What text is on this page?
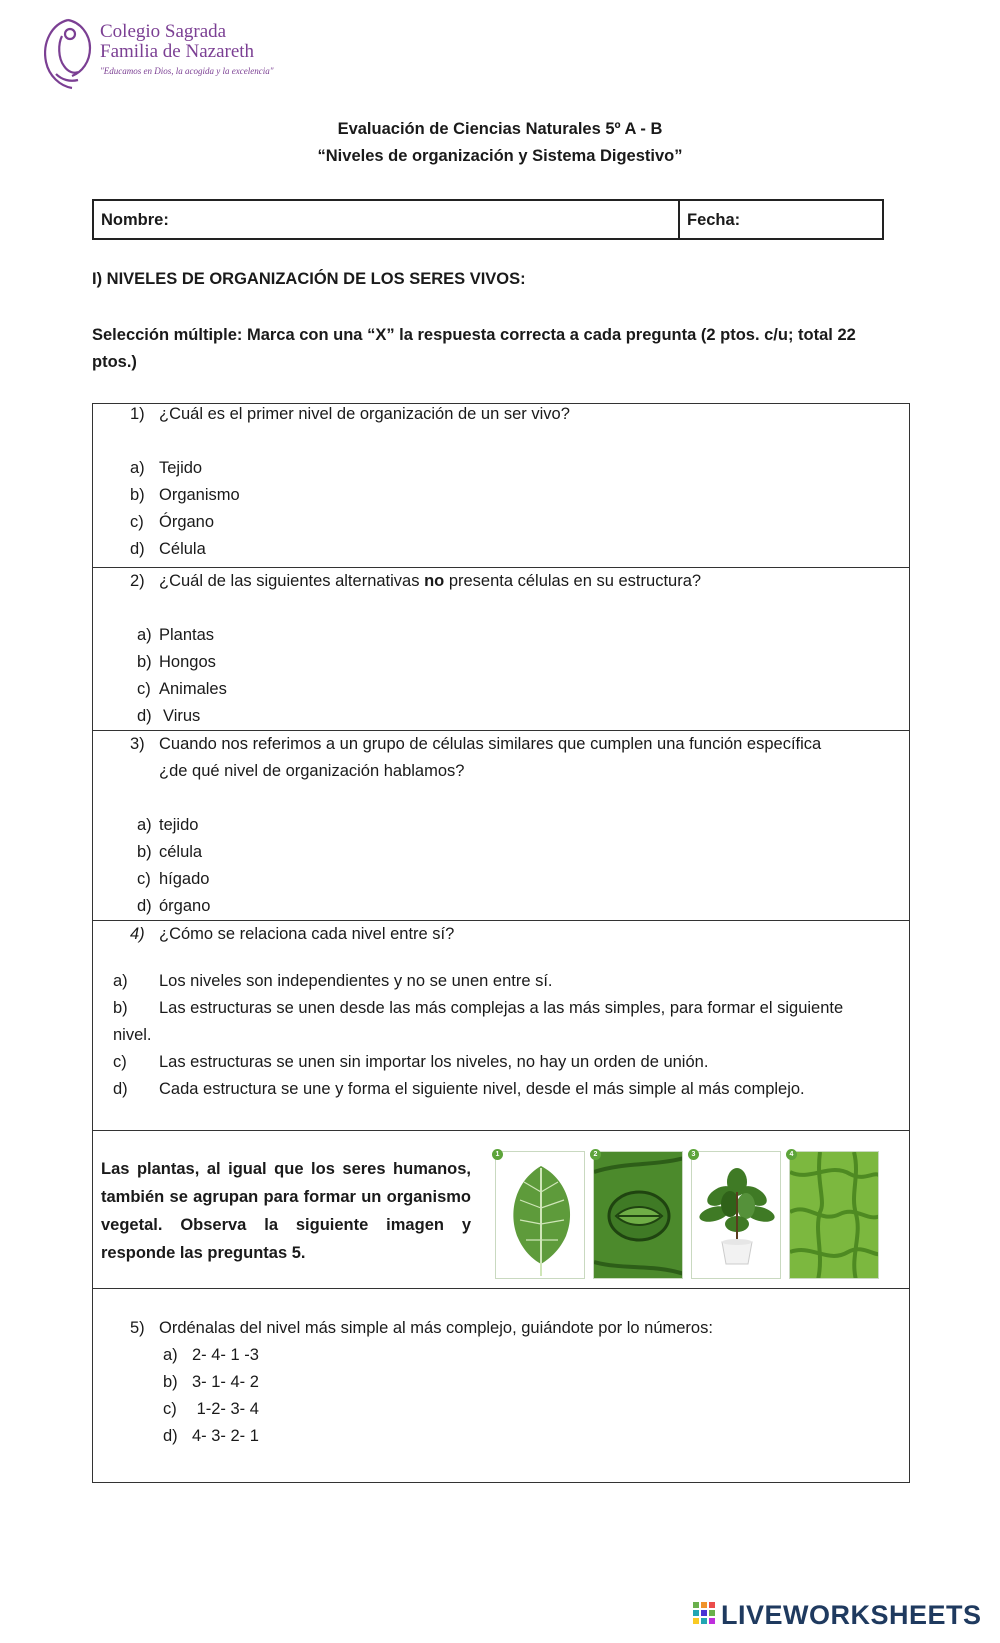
Colegio Sagrada
Familia de Nazareth
"Educamos en Dios, la acogida y la excelencia"
Evaluación de Ciencias Naturales 5º A - B
“Niveles de organización y Sistema Digestivo”
Nombre:	Fecha:
I) NIVELES DE ORGANIZACIÓN DE LOS SERES VIVOS:
Selección múltiple: Marca con una “X” la respuesta correcta a cada pregunta (2 ptos. c/u; total 22 ptos.)
1) ¿Cuál es el primer nivel de organización de un ser vivo?
a) Tejido
b) Organismo
c) Órgano
d) Célula
2) ¿Cuál de las siguientes alternativas no presenta células en su estructura?
a) Plantas
b) Hongos
c) Animales
d) Virus
3) Cuando nos referimos a un grupo de células similares que cumplen una función específica
¿de qué nivel de organización hablamos?
a) tejido
b) célula
c) hígado
d) órgano
4) ¿Cómo se relaciona cada nivel entre sí?
a) Los niveles son independientes y no se unen entre sí.
b) Las estructuras se unen desde las más complejas a las más simples, para formar el siguiente
nivel.
c) Las estructuras se unen sin importar los niveles, no hay un orden de unión.
d) Cada estructura se une y forma el siguiente nivel, desde el más simple al más complejo.
Las plantas, al igual que los seres humanos, también se agrupan para formar un organismo vegetal. Observa la siguiente imagen y responde las preguntas 5.
1	2	3	4
5) Ordénalas del nivel más simple al más complejo, guiándote por lo números:
a) 2- 4- 1 -3
b) 3- 1- 4- 2
c) 1-2- 3- 4
d) 4- 3- 2- 1
LIVEWORKSHEETS
